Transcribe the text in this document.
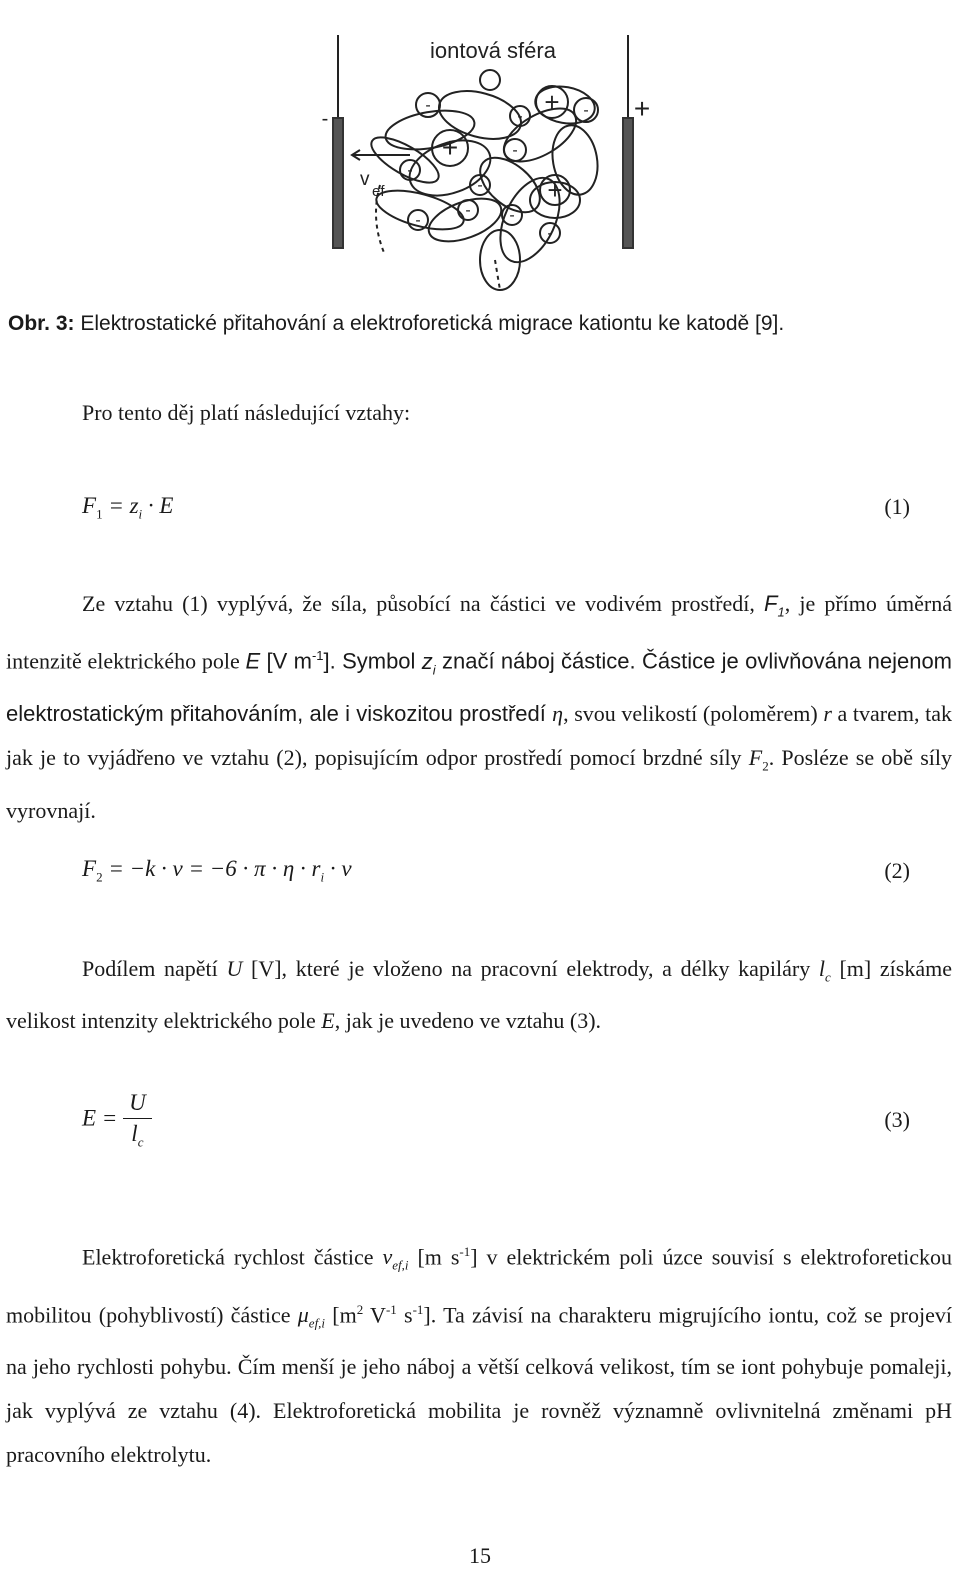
iontová sféra
-	+
v
ef
-
+
+ -
-
-
+
-
- -
-
-
-
Obr. 3: Elektrostatické přitahování a elektroforetická migrace kationtu ke katodě [9].
Pro tento děj platí následující vztahy:
$F_1 = z_i \cdot E$	(1)
Ze vztahu (1) vyplývá, že síla, působící na částici ve vodivém prostředí, $F_1$, je přímo úměrná intenzitě elektrického pole E [V $m^{-1}$]. Symbol $z_i$ značí náboj částice. Částice je ovlivňována nejenom elektrostatickým přitahováním, ale i viskozitou prostředí η, svou velikostí (poloměrem) r a tvarem, tak jak je to vyjádřeno ve vztahu (2), popisujícím odpor prostředí pomocí brzdné síly $F_2$. Posléze se obě síly vyrovnají.
$F_2 = -k \cdot \nu = -6 \cdot \pi \cdot \eta \cdot r_i \cdot \nu$	(2)
Podílem napětí U [V], které je vloženo na pracovní elektrody, a délky kapiláry $l_c$ [m] získáme velikost intenzity elektrického pole E, jak je uvedeno ve vztahu (3).
$E = \frac{U}{l_c}$	(3)
Elektroforetická rychlost částice $v_{ef,i}$ [m $s^{-1}$] v elektrickém poli úzce souvisí s elektroforetickou mobilitou (pohyblivostí) částice $\mu_{ef,i}$ [$m^2$ $V^{-1}$ $s^{-1}$]. Ta závisí na charakteru migrujícího iontu, což se projeví na jeho rychlosti pohybu. Čím menší je jeho náboj a větší celková velikost, tím se iont pohybuje pomaleji, jak vyplývá ze vztahu (4). Elektroforetická mobilita je rovněž významně ovlivnitelná změnami pH pracovního elektrolytu.
15
